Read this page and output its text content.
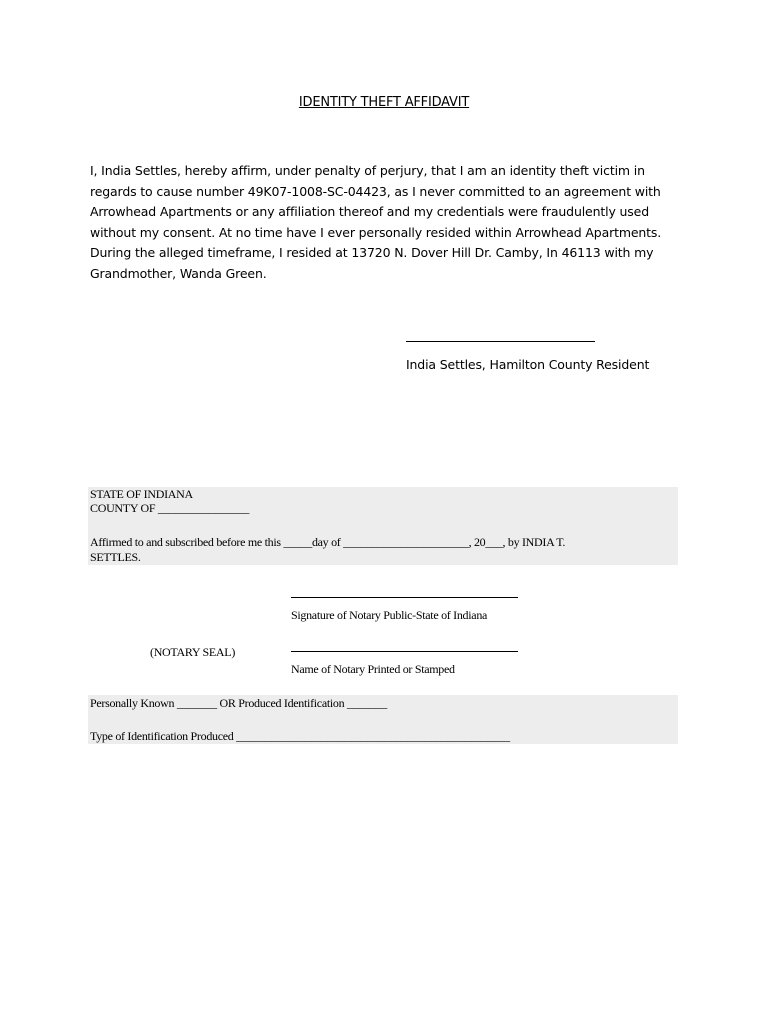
IDENTITY THEFT AFFIDAVIT
I, India Settles, hereby affirm, under penalty of perjury, that I am an identity theft victim in
regards to cause number 49K07-1008-SC-04423, as I never committed to an agreement with
Arrowhead Apartments or any affiliation thereof and my credentials were fraudulently used
without my consent. At no time have I ever personally resided within Arrowhead Apartments.
During the alleged timeframe, I resided at 13720 N. Dover Hill Dr. Camby, In 46113 with my
Grandmother, Wanda Green.
India Settles, Hamilton County Resident
STATE OF INDIANA
COUNTY OF ________________
Affirmed to and subscribed before me this _____day of ______________________, 20___, by INDIA T.
SETTLES.
Signature of Notary Public-State of Indiana
(NOTARY SEAL)
Name of Notary Printed or Stamped
Personally Known _______ OR Produced Identification _______
Type of Identification Produced ________________________________________________
